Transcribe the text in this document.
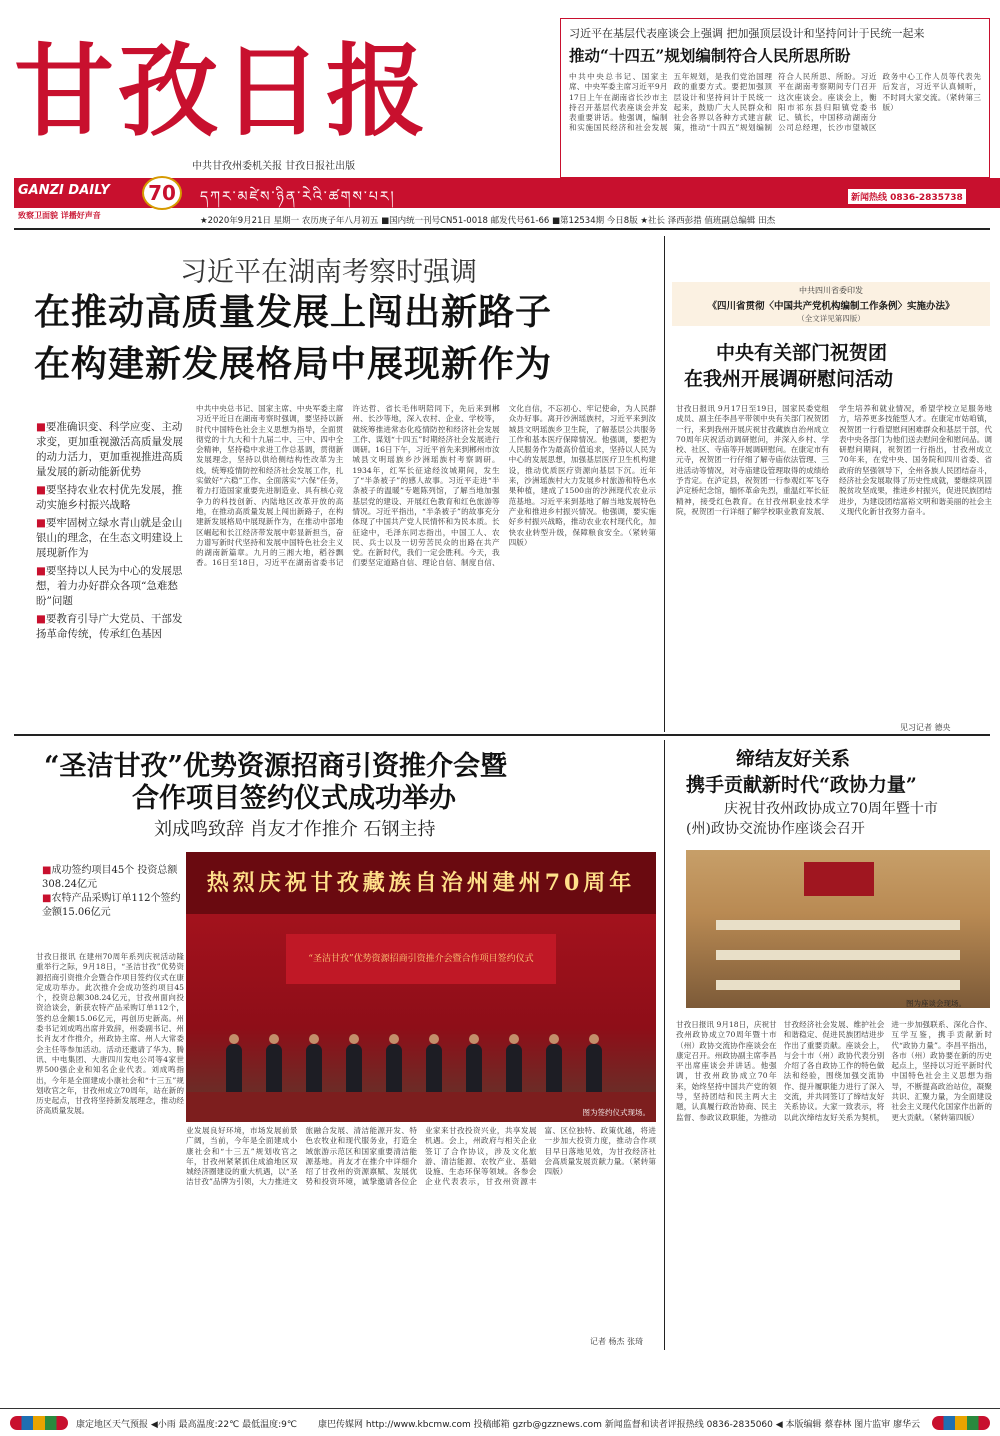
甘孜日报
中共甘孜州委机关报 甘孜日报社出版
GANZI DAILY	70	དཀར་མཛེས་ཉིན་རེའི་ཚགས་པར།	新闻热线 0836-2835738
致察卫面貌 详播好声音
★2020年9月21日 星期一 农历庚子年八月初五 ■国内统一刊号CN51-0018 邮发代号61-66 ■第12534期 今日8版 ★社长 泽西彭措 值班副总编辑 田杰
习近平在基层代表座谈会上强调 把加强顶层设计和坚持问计于民统一起来
推动“十四五”规划编制符合人民所思所盼
中共中央总书记、国家主席、中央军委主席习近平9月17日上午在湖南省长沙市主持召开基层代表座谈会并发表重要讲话。他强调，编制和实施国民经济和社会发展五年规划，是我们党治国理政的重要方式。要把加强顶层设计和坚持问计于民统一起来，鼓励广大人民群众和社会各界以各种方式建言献策，推动“十四五”规划编制符合人民所思、所盼。习近平在湖南考察期间专门召开这次座谈会。座谈会上，衡阳市祁东县归阳镇党委书记、镇长，中国移动湖南分公司总经理，长沙市望城区政务中心工作人员等代表先后发言，习近平认真倾听，不时同大家交流。（紧转第三版）
习近平在湖南考察时强调
在推动高质量发展上闯出新路子
在构建新发展格局中展现新作为
■要准确识变、科学应变、主动求变，更加重视激活高质量发展的动力活力，更加重视推进高质量发展的新动能新优势
■要坚持农业农村优先发展，推动实施乡村振兴战略
■要牢固树立绿水青山就是金山银山的理念，在生态文明建设上展现新作为
■要坚持以人民为中心的发展思想，着力办好群众各项“急难愁盼”问题
■要教育引导广大党员、干部发扬革命传统，传承红色基因
中共中央总书记、国家主席、中央军委主席习近平近日在湖南考察时强调，要坚持以新时代中国特色社会主义思想为指导，全面贯彻党的十九大和十九届二中、三中、四中全会精神，坚持稳中求进工作总基调，贯彻新发展理念，坚持以供给侧结构性改革为主线，统筹疫情防控和经济社会发展工作，扎实做好“六稳”工作、全面落实“六保”任务，着力打造国家重要先进制造业、具有核心竞争力的科技创新、内陆地区改革开放的高地，在推动高质量发展上闯出新路子，在构建新发展格局中展现新作为，在推动中部地区崛起和长江经济带发展中彰显新担当，奋力谱写新时代坚持和发展中国特色社会主义的湖南新篇章。九月的三湘大地，稻谷飘香。16日至18日，习近平在湖南省委书记许达哲、省长毛伟明陪同下，先后来到郴州、长沙等地，深入农村、企业、学校等，就统筹推进常态化疫情防控和经济社会发展工作、谋划“十四五”时期经济社会发展进行调研。16日下午，习近平首先来到郴州市汝城县文明瑶族乡沙洲瑶族村考察调研。1934年，红军长征途经汝城期间，发生了“半条被子”的感人故事。习近平走进“半条被子的温暖”专题陈列馆，了解当地加强基层党的建设、开展红色教育和红色旅游等情况。习近平指出，“半条被子”的故事充分体现了中国共产党人民情怀和为民本质。长征途中，毛泽东同志指出，中国工人、农民、兵士以及一切劳苦民众的出路在共产党。在新时代，我们一定会胜利。今天，我们要坚定道路自信、理论自信、制度自信、文化自信，不忘初心、牢记使命，为人民群众办好事。离开沙洲瑶族村，习近平来到汝城县文明瑶族乡卫生院，了解基层公共服务工作和基本医疗保障情况。他强调，要把为人民服务作为最高价值追求，坚持以人民为中心的发展思想，加强基层医疗卫生机构建设，推动优质医疗资源向基层下沉。近年来，沙洲瑶族村大力发展乡村旅游和特色水果种植，建成了1500亩的沙洲现代农业示范基地。习近平来到基地了解当地发展特色产业和推进乡村振兴情况。他强调，要实施好乡村振兴战略，推动农业农村现代化，加快农业转型升级，保障粮食安全。（紧转第四版）
中共四川省委印发
《四川省贯彻〈中国共产党机构编制工作条例〉实施办法》
（全文详见第四版）
中央有关部门祝贺团
在我州开展调研慰问活动
甘孜日报讯 9月17日至19日，国家民委党组成员、副主任李昌平带领中央有关部门祝贺团一行，来到我州开展庆祝甘孜藏族自治州成立70周年庆祝活动调研慰问，并深入乡村、学校、社区、寺庙等开展调研慰问。在康定市有元寺，祝贺团一行仔细了解寺庙依法管理、三进活动等情况，对寺庙建设管理取得的成绩给予肯定。在泸定县，祝贺团一行参观红军飞夺泸定桥纪念馆，缅怀革命先烈，重温红军长征精神，接受红色教育。在甘孜州职业技术学院，祝贺团一行详细了解学校职业教育发展、学生培养和就业情况，希望学校立足服务地方，培养更多技能型人才。在康定市姑咱镇，祝贺团一行看望慰问困难群众和基层干部，代表中央各部门为他们送去慰问金和慰问品。调研慰问期间，祝贺团一行指出，甘孜州成立70年来，在党中央、国务院和四川省委、省政府的坚强领导下，全州各族人民团结奋斗，经济社会发展取得了历史性成就，要继续巩固脱贫攻坚成果，推进乡村振兴，促进民族团结进步，为建设团结富裕文明和谐美丽的社会主义现代化新甘孜努力奋斗。
见习记者 德央
“圣洁甘孜”优势资源招商引资推介会暨
合作项目签约仪式成功举办
刘成鸣致辞 肖友才作推介 石钢主持
■成功签约项目45个 投资总额308.24亿元
■农特产品采购订单112个签约金额15.06亿元
热烈庆祝甘孜藏族自治州建州70周年
“圣洁甘孜”优势资源招商引资推介会暨合作项目签约仪式
图为签约仪式现场。
甘孜日报讯 在建州70周年系列庆祝活动隆重举行之际，9月18日，“圣洁甘孜”优势资源招商引资推介会暨合作项目签约仪式在康定成功举办。此次推介会成功签约项目45个，投资总额308.24亿元，甘孜州面向投资洽谈会，新获农特产品采购订单112个，签约总金额15.06亿元，再创历史新高。州委书记刘成鸣出席并致辞，州委副书记、州长肖友才作推介，州政协主席、州人大常委会主任等参加活动。活动还邀请了华为、腾讯、中电集团、大唐四川发电公司等4家世界500强企业和知名企业代表。刘成鸣指出，今年是全面建成小康社会和“十三五”规划收官之年，甘孜州成立70周年，站在新的历史起点，甘孜将坚持新发展理念，推动经济高质量发展。
业发展良好环境，市场发展前景广阔，当前，今年是全面建成小康社会和“十三五”规划收官之年，甘孜州紧紧抓住成渝地区双城经济圈建设的重大机遇，以“圣洁甘孜”品牌为引领，大力推进文旅融合发展、清洁能源开发、特色农牧业和现代服务业，打造全域旅游示范区和国家重要清洁能源基地。肖友才在推介中详细介绍了甘孜州的资源禀赋、发展优势和投资环境，诚挚邀请各位企业家来甘孜投资兴业，共享发展机遇。会上，州政府与相关企业签订了合作协议，涉及文化旅游、清洁能源、农牧产业、基础设施、生态环保等领域。各参会企业代表表示，甘孜州资源丰富、区位独特、政策优越，将进一步加大投资力度，推动合作项目早日落地见效，为甘孜经济社会高质量发展贡献力量。（紧转第四版）
记者 杨杰 张琦
缔结友好关系
携手贡献新时代“政协力量”
庆祝甘孜州政协成立70周年暨十市
(州)政协交流协作座谈会召开
图为座谈会现场。
甘孜日报讯 9月18日，庆祝甘孜州政协成立70周年暨十市（州）政协交流协作座谈会在康定召开。州政协副主席李昌平出席座谈会并讲话。他强调，甘孜州政协成立70年来，始终坚持中国共产党的领导，坚持团结和民主两大主题，认真履行政治协商、民主监督、参政议政职能，为推动甘孜经济社会发展、维护社会和谐稳定、促进民族团结进步作出了重要贡献。座谈会上，与会十市（州）政协代表分别介绍了各自政协工作的特色做法和经验，围绕加强交流协作、提升履职能力进行了深入交流，并共同签订了缔结友好关系协议。大家一致表示，将以此次缔结友好关系为契机，进一步加强联系、深化合作、互学互鉴，携手贡献新时代“政协力量”。李昌平指出，各市（州）政协要在新的历史起点上，坚持以习近平新时代中国特色社会主义思想为指导，不断提高政治站位，凝聚共识、汇聚力量，为全面建设社会主义现代化国家作出新的更大贡献。（紧转第四版）
康定地区天气预报 ◀小雨 最高温度:22℃ 最低温度:9℃ 康巴传媒网 http://www.kbcmw.com 投稿邮箱 gzrb@gzznews.com 新闻监督和读者评报热线 0836-2835060 ◀ 本版编辑 蔡春林 图片监审 廖华云
